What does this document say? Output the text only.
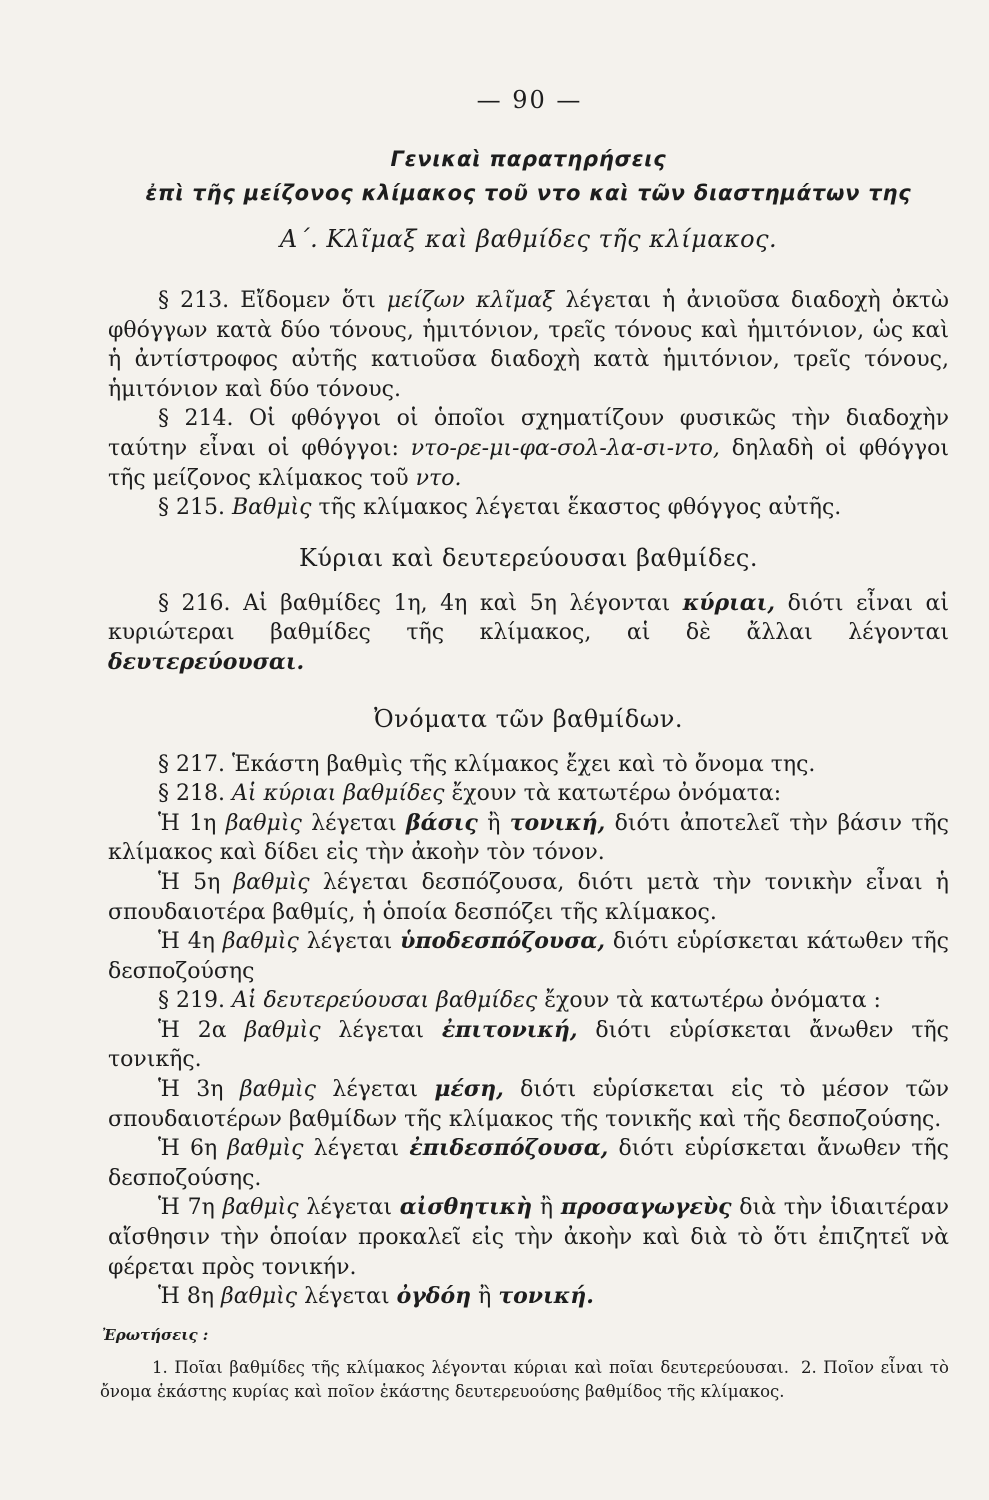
— 90 —
Γενικαὶ παρατηρήσεις
ἐπὶ τῆς μείζονος κλίμακος τοῦ ντο καὶ τῶν διαστημάτων της
Α΄. Κλῖμαξ καὶ βαθμίδες τῆς κλίμακος.

§ 213. Εἴδομεν ὅτι μείζων κλῖμαξ λέγεται ἡ ἀνιοῦσα διαδοχὴ ὀκτὼ φθόγγων κατὰ δύο τόνους, ἡμιτόνιον, τρεῖς τόνους καὶ ἡμιτόνιον, ὡς καὶ ἡ ἀντίστροφος αὐτῆς κατιοῦσα διαδοχὴ κατὰ ἡμιτόνιον, τρεῖς τόνους, ἡμιτόνιον καὶ δύο τόνους.

§ 214. Οἱ φθόγγοι οἱ ὁποῖοι σχηματίζουν φυσικῶς τὴν διαδοχὴν ταύτην εἶναι οἱ φθόγγοι: ντο-ρε-μι-φα-σολ-λα-σι-ντο, δηλαδὴ οἱ φθόγγοι τῆς μείζονος κλίμακος τοῦ ντο.

§ 215. Βαθμὶς τῆς κλίμακος λέγεται ἕκαστος φθόγγος αὐτῆς.

Κύριαι καὶ δευτερεύουσαι βαθμίδες.

§ 216. Αἱ βαθμίδες 1η, 4η καὶ 5η λέγονται κύριαι, διότι εἶναι αἱ κυριώτεραι βαθμίδες τῆς κλίμακος, αἱ δὲ ἄλλαι λέγονται δευτερεύουσαι.

Ὀνόματα τῶν βαθμίδων.

§ 217. Ἑκάστη βαθμὶς τῆς κλίμακος ἔχει καὶ τὸ ὄνομα της.

§ 218. Αἱ κύριαι βαθμίδες ἔχουν τὰ κατωτέρω ὀνόματα:

Ἡ 1η βαθμὶς λέγεται βάσις ἢ τονική, διότι ἀποτελεῖ τὴν βάσιν τῆς κλίμακος καὶ δίδει εἰς τὴν ἀκοὴν τὸν τόνον.

Ἡ 5η βαθμὶς λέγεται δεσπόζουσα, διότι μετὰ τὴν τονικὴν εἶναι ἡ σπουδαιοτέρα βαθμίς, ἡ ὁποία δεσπόζει τῆς κλίμακος.

Ἡ 4η βαθμὶς λέγεται ὑποδεσπόζουσα, διότι εὑρίσκεται κάτωθεν τῆς δεσποζούσης

§ 219. Αἱ δευτερεύουσαι βαθμίδες ἔχουν τὰ κατωτέρω ὀνόματα :

Ἡ 2α βαθμὶς λέγεται ἐπιτονική, διότι εὑρίσκεται ἄνωθεν τῆς τονικῆς.

Ἡ 3η βαθμὶς λέγεται μέση, διότι εὑρίσκεται εἰς τὸ μέσον τῶν σπουδαιοτέρων βαθμίδων τῆς κλίμακος τῆς τονικῆς καὶ τῆς δεσποζούσης.

Ἡ 6η βαθμὶς λέγεται ἐπιδεσπόζουσα, διότι εὑρίσκεται ἄνωθεν τῆς δεσποζούσης.

Ἡ 7η βαθμὶς λέγεται αἰσθητικὴ ἢ προσαγωγεὺς διὰ τὴν ἰδιαιτέραν αἴσθησιν τὴν ὁποίαν προκαλεῖ εἰς τὴν ἀκοὴν καὶ διὰ τὸ ὅτι ἐπιζητεῖ νὰ φέρεται πρὸς τονικήν.

Ἡ 8η βαθμὶς λέγεται ὀγδόη ἢ τονική.

Ἐρωτήσεις :
1. Ποῖαι βαθμίδες τῆς κλίμακος λέγονται κύριαι καὶ ποῖαι δευτερεύουσαι. 2. Ποῖον εἶναι τὸ ὄνομα ἑκάστης κυρίας καὶ ποῖον ἑκάστης δευτερευούσης βαθμίδος τῆς κλίμακος.
